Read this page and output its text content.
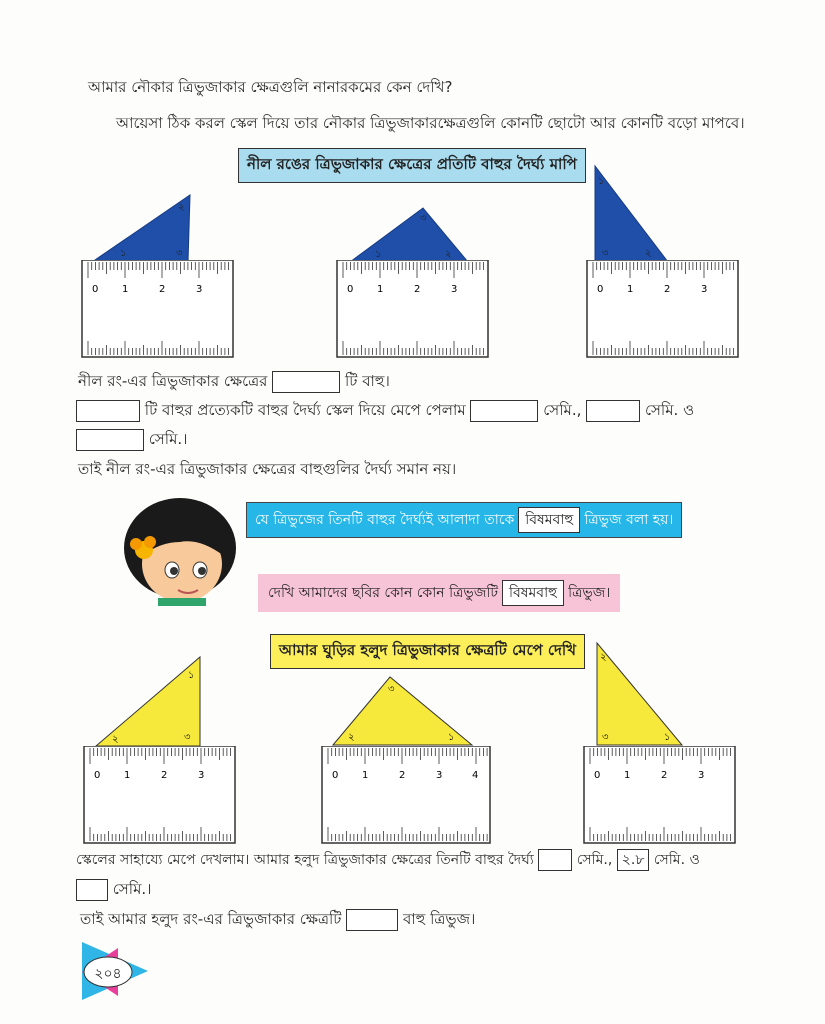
আমার নৌকার ত্রিভুজাকার ক্ষেত্রগুলি নানারকমের কেন দেখি?
আয়েসা ঠিক করল স্কেল দিয়ে তার নৌকার ত্রিভুজাকারক্ষেত্রগুলি কোনটি ছোটো আর কোনটি বড়ো মাপবে।
নীল রঙের ত্রিভুজাকার ক্ষেত্রের প্রতিটি বাহুর দৈর্ঘ্য মাপি
১
২
৩
৩
২
১
১
৩	২
0 1	2	3	0 1	2	3	0 1	2	3
নীল রং-এর ত্রিভুজাকার ক্ষেত্রের	টি বাহু।
টি বাহুর প্রত্যেকটি বাহুর দৈর্ঘ্য স্কেল দিয়ে মেপে পেলাম	সেমি.,	সেমি. ও
সেমি.।
তাই নীল রং-এর ত্রিভুজাকার ক্ষেত্রের বাহুগুলির দৈর্ঘ্য সমান নয়।
যে ত্রিভুজের তিনটি বাহুর দৈর্ঘ্যই আলাদা তাকে বিষমবাহু ত্রিভুজ বলা হয়।
দেখি আমাদের ছবির কোন কোন ত্রিভুজটি বিষমবাহু ত্রিভুজ।
আমার ঘুড়ির হলুদ ত্রিভুজাকার ক্ষেত্রটি মেপে দেখি
১
২	৩
৩
২	১
২
৩	১
0 1	2	3	0 1	2	3	4	0 1	2	3
স্কেলের সাহায্যে মেপে দেখলাম। আমার হলুদ ত্রিভুজাকার ক্ষেত্রের তিনটি বাহুর দৈর্ঘ্য	সেমি., ২.৮ সেমি. ও
সেমি.।
তাই আমার হলুদ রং-এর ত্রিভুজাকার ক্ষেত্রটি	বাহু ত্রিভুজ।
২০৪
